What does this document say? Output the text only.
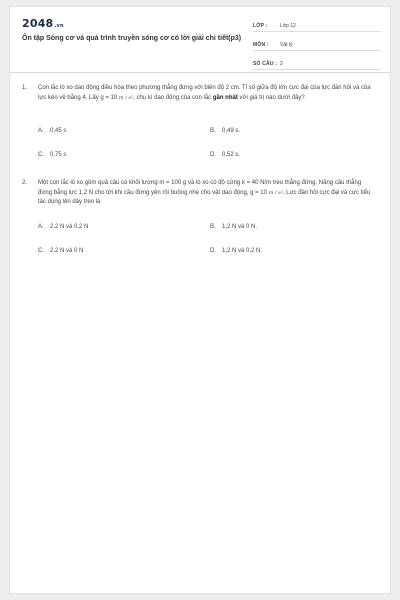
2048.vn
Ôn tập Sóng cơ và quá trình truyền sóng cơ có lời giải chi tiết(p3)
LỚP :	Lớp 12
MÔN :	Vật lý
SỐ CÂU : 2
1. Con lắc lò xo dao động điều hòa theo phương thẳng đứng với biên độ 2 cm. Tỉ số giữa độ lớn cực đại của lực đàn hồi và của lực kéo về bằng 4. Lấy g = 10 m / s², chu kì dao động của con lắc gần nhất với giá trị nào dưới đây?
A. 0,45 s	B. 0,49 s.
C. 0,75 s	D. 0,52 s.
2. Một con lắc lò xo gồm quả cầu có khối lượng m = 100 g và lò xo có độ cứng k = 40 N/m treo thẳng đứng. Nâng cầu thẳng đứng bằng lực 1,2 N cho tới khi cầu đứng yên rồi buông nhẹ cho vật dao động, g = 10 m / s². Lực đàn hồi cực đại và cực tiểu tác dụng lên dây treo là
A. 2,2 N và 0,2 N	B. 1,2 N và 0 N.
C. 2,2 N và 0 N	D. 1,2 N và 0,2 N.
